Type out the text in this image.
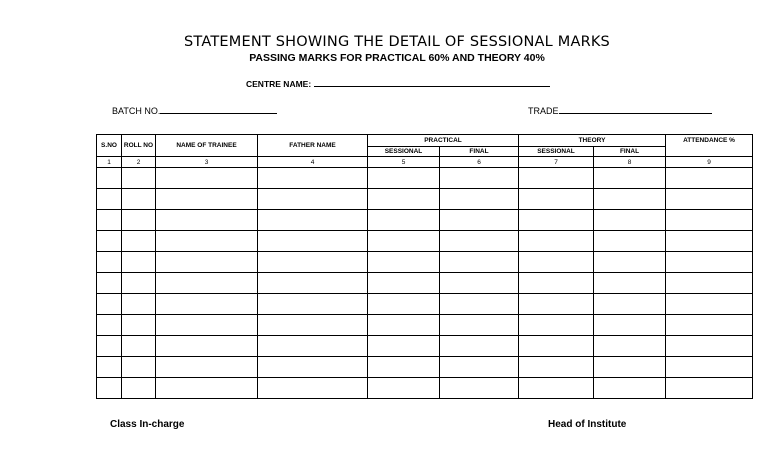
STATEMENT SHOWING THE DETAIL OF SESSIONAL MARKS
PASSING MARKS FOR PRACTICAL 60% AND THEORY 40%
CENTRE NAME:
BATCH NO.	TRADE
S.NO	ROLL NO	NAME OF TRAINEE	FATHER NAME	PRACTICAL		THEORY		ATTENDANCE %
				SESSIONAL	FINAL	SESSIONAL	FINAL	
1	2	3	4	5	6	7	8	9

Class In-charge	Head of Institute
